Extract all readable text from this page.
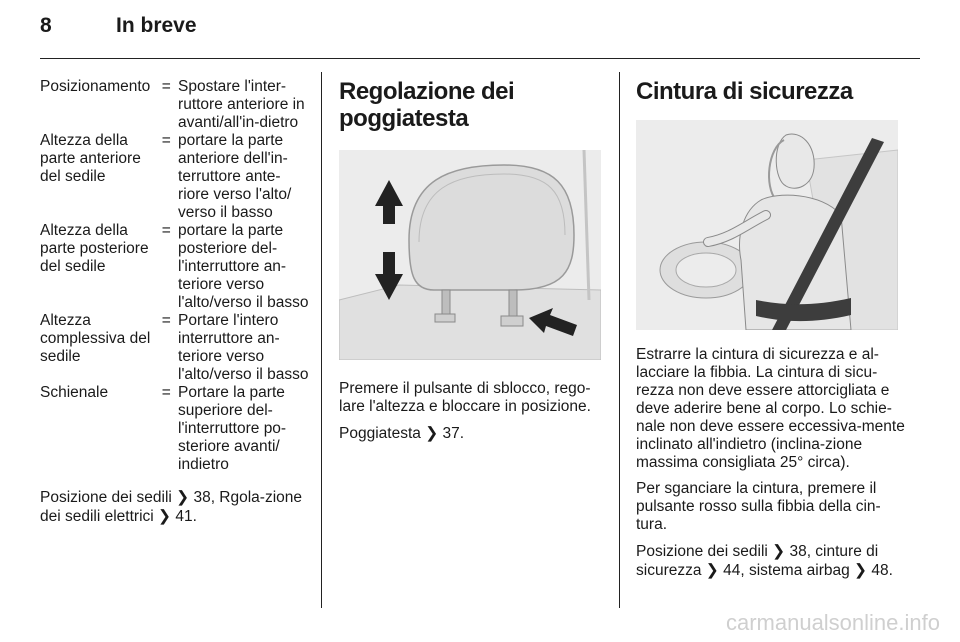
8	In breve
Posizionamento	=	Spostare l'inter-ruttore anteriore in avanti/all'in-dietro
Altezza della parte anteriore del sedile	=	portare la parte anteriore dell'in-terruttore ante-riore verso l'alto/ verso il basso
Altezza della parte posteriore del sedile	=	portare la parte posteriore del-l'interruttore an-teriore verso l'alto/verso il basso
Altezza complessiva del sedile	=	Portare l'intero interruttore an-teriore verso l'alto/verso il basso
Schienale	=	Portare la parte superiore del-l'interruttore po-steriore avanti/ indietro

Posizione dei sedili ❯ 38, Rgola-zione dei sedili elettrici ❯ 41.

Regolazione dei
poggiatesta

Premere il pulsante di sblocco, rego-lare l'altezza e bloccare in posizione.

Poggiatesta ❯ 37.

Cintura di sicurezza

Estrarre la cintura di sicurezza e al-lacciare la fibbia. La cintura di sicu-rezza non deve essere attorcigliata e deve aderire bene al corpo. Lo schie-nale non deve essere eccessiva-mente inclinato all'indietro (inclina-zione massima consigliata 25° circa).

Per sganciare la cintura, premere il pulsante rosso sulla fibbia della cin-tura.

Posizione dei sedili ❯ 38, cinture di sicurezza ❯ 44, sistema airbag ❯ 48.

carmanualsonline.info
